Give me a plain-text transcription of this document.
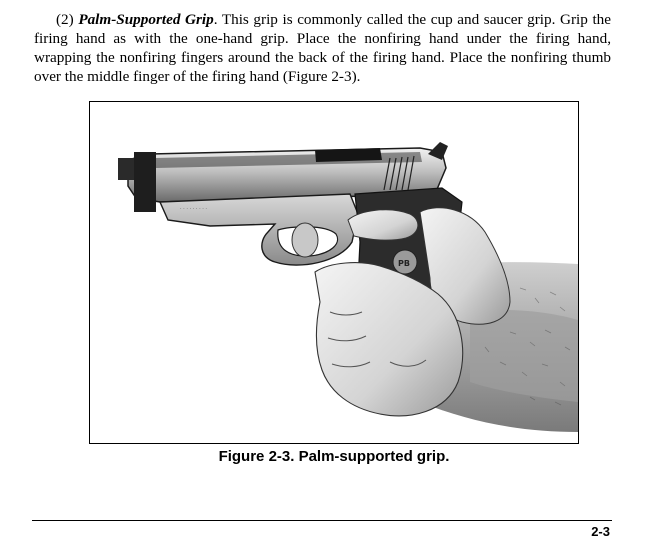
(2) Palm-Supported Grip. This grip is commonly called the cup and saucer grip. Grip the firing hand as with the one-hand grip. Place the nonfiring hand under the firing hand, wrapping the nonfiring fingers around the back of the firing hand. Place the nonfiring thumb over the middle finger of the firing hand (Figure 2-3).

· · · · · · · · ·
PB
Figure 2-3. Palm-supported grip.
2-3
